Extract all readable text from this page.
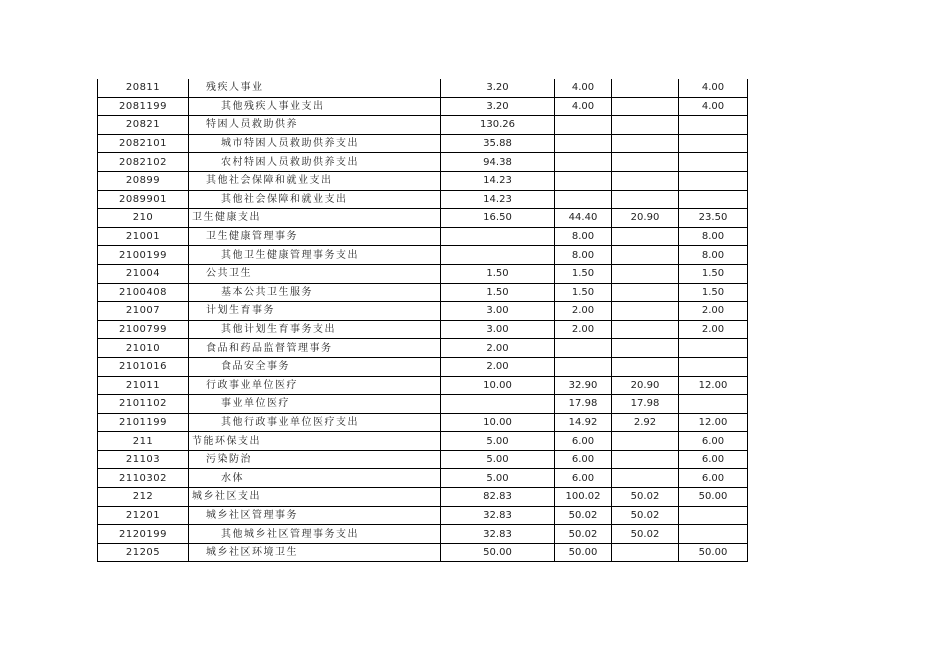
20811	残疾人事业	3.20	4.00		4.00
2081199	其他残疾人事业支出	3.20	4.00		4.00
20821	特困人员救助供养	130.26			
2082101	城市特困人员救助供养支出	35.88			
2082102	农村特困人员救助供养支出	94.38			
20899	其他社会保障和就业支出	14.23			
2089901	其他社会保障和就业支出	14.23			
210	卫生健康支出	16.50	44.40	20.90	23.50
21001	卫生健康管理事务		8.00		8.00
2100199	其他卫生健康管理事务支出		8.00		8.00
21004	公共卫生	1.50	1.50		1.50
2100408	基本公共卫生服务	1.50	1.50		1.50
21007	计划生育事务	3.00	2.00		2.00
2100799	其他计划生育事务支出	3.00	2.00		2.00
21010	食品和药品监督管理事务	2.00			
2101016	食品安全事务	2.00			
21011	行政事业单位医疗	10.00	32.90	20.90	12.00
2101102	事业单位医疗		17.98	17.98	
2101199	其他行政事业单位医疗支出	10.00	14.92	2.92	12.00
211	节能环保支出	5.00	6.00		6.00
21103	污染防治	5.00	6.00		6.00
2110302	水体	5.00	6.00		6.00
212	城乡社区支出	82.83	100.02	50.02	50.00
21201	城乡社区管理事务	32.83	50.02	50.02	
2120199	其他城乡社区管理事务支出	32.83	50.02	50.02	
21205	城乡社区环境卫生	50.00	50.00		50.00
